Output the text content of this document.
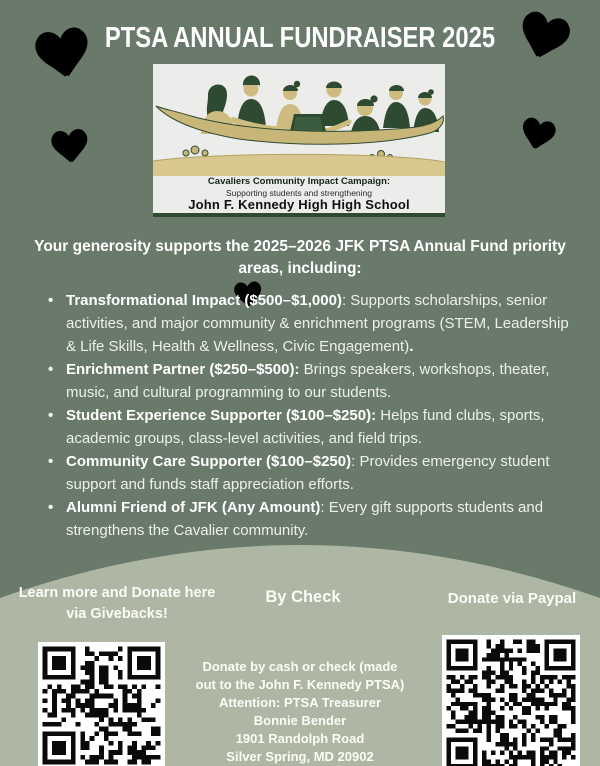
PTSA ANNUAL FUNDRAISER 2025
Cavaliers Community Impact Campaign:
Supporting students and strengthening
John F. Kennedy High High School
Your generosity supports the 2025–2026 JFK PTSA Annual Fund priority areas, including:
• Transformational Impact ($500–$1,000): Supports scholarships, senior activities, and major community & enrichment programs (STEM, Leadership & Life Skills, Health & Wellness, Civic Engagement).
• Enrichment Partner ($250–$500): Brings speakers, workshops, theater, music, and cultural programming to our students.
• Student Experience Supporter ($100–$250): Helps fund clubs, sports, academic groups, class-level activities, and field trips.
• Community Care Supporter ($100–$250): Provides emergency student support and funds staff appreciation efforts.
• Alumni Friend of JFK (Any Amount): Every gift supports students and strengthens the Cavalier community.
Learn more and Donate here via Givebacks!
By Check
Donate by cash or check (made
out to the John F. Kennedy PTSA)
Attention: PTSA Treasurer
Bonnie Bender
1901 Randolph Road
Silver Spring, MD 20902
Donate via Paypal
